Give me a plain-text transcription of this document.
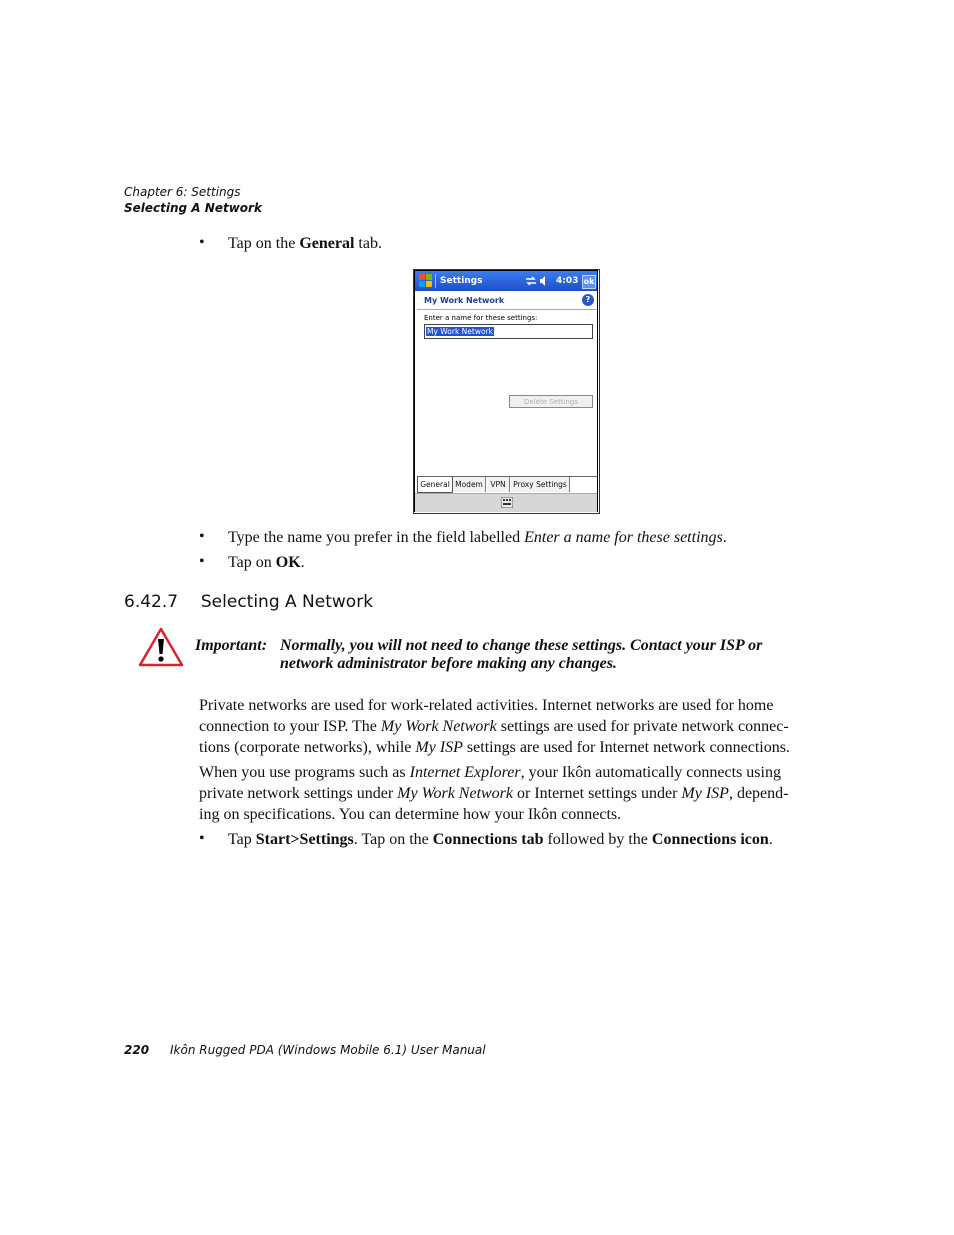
Chapter 6: Settings
Selecting A Network
• Tap on the General tab.
Settings	4:03 ok
My Work Network	?
Enter a name for these settings:
My Work Network
Delete Settings
General Modem VPN	Proxy Settings
• Type the name you prefer in the field labelled Enter a name for these settings.
• Tap on OK.
6.42.7 Selecting A Network
Important: Normally, you will not need to change these settings. Contact your ISP or
network administrator before making any changes.
Private networks are used for work-related activities. Internet networks are used for home
connection to your ISP. The My Work Network settings are used for private network connec-
tions (corporate networks), while My ISP settings are used for Internet network connections.
When you use programs such as Internet Explorer, your Ikôn automatically connects using
private network settings under My Work Network or Internet settings under My ISP, depend-
ing on specifications. You can determine how your Ikôn connects.
• Tap Start>Settings. Tap on the Connections tab followed by the Connections icon.
220 Ikôn Rugged PDA (Windows Mobile 6.1) User Manual
